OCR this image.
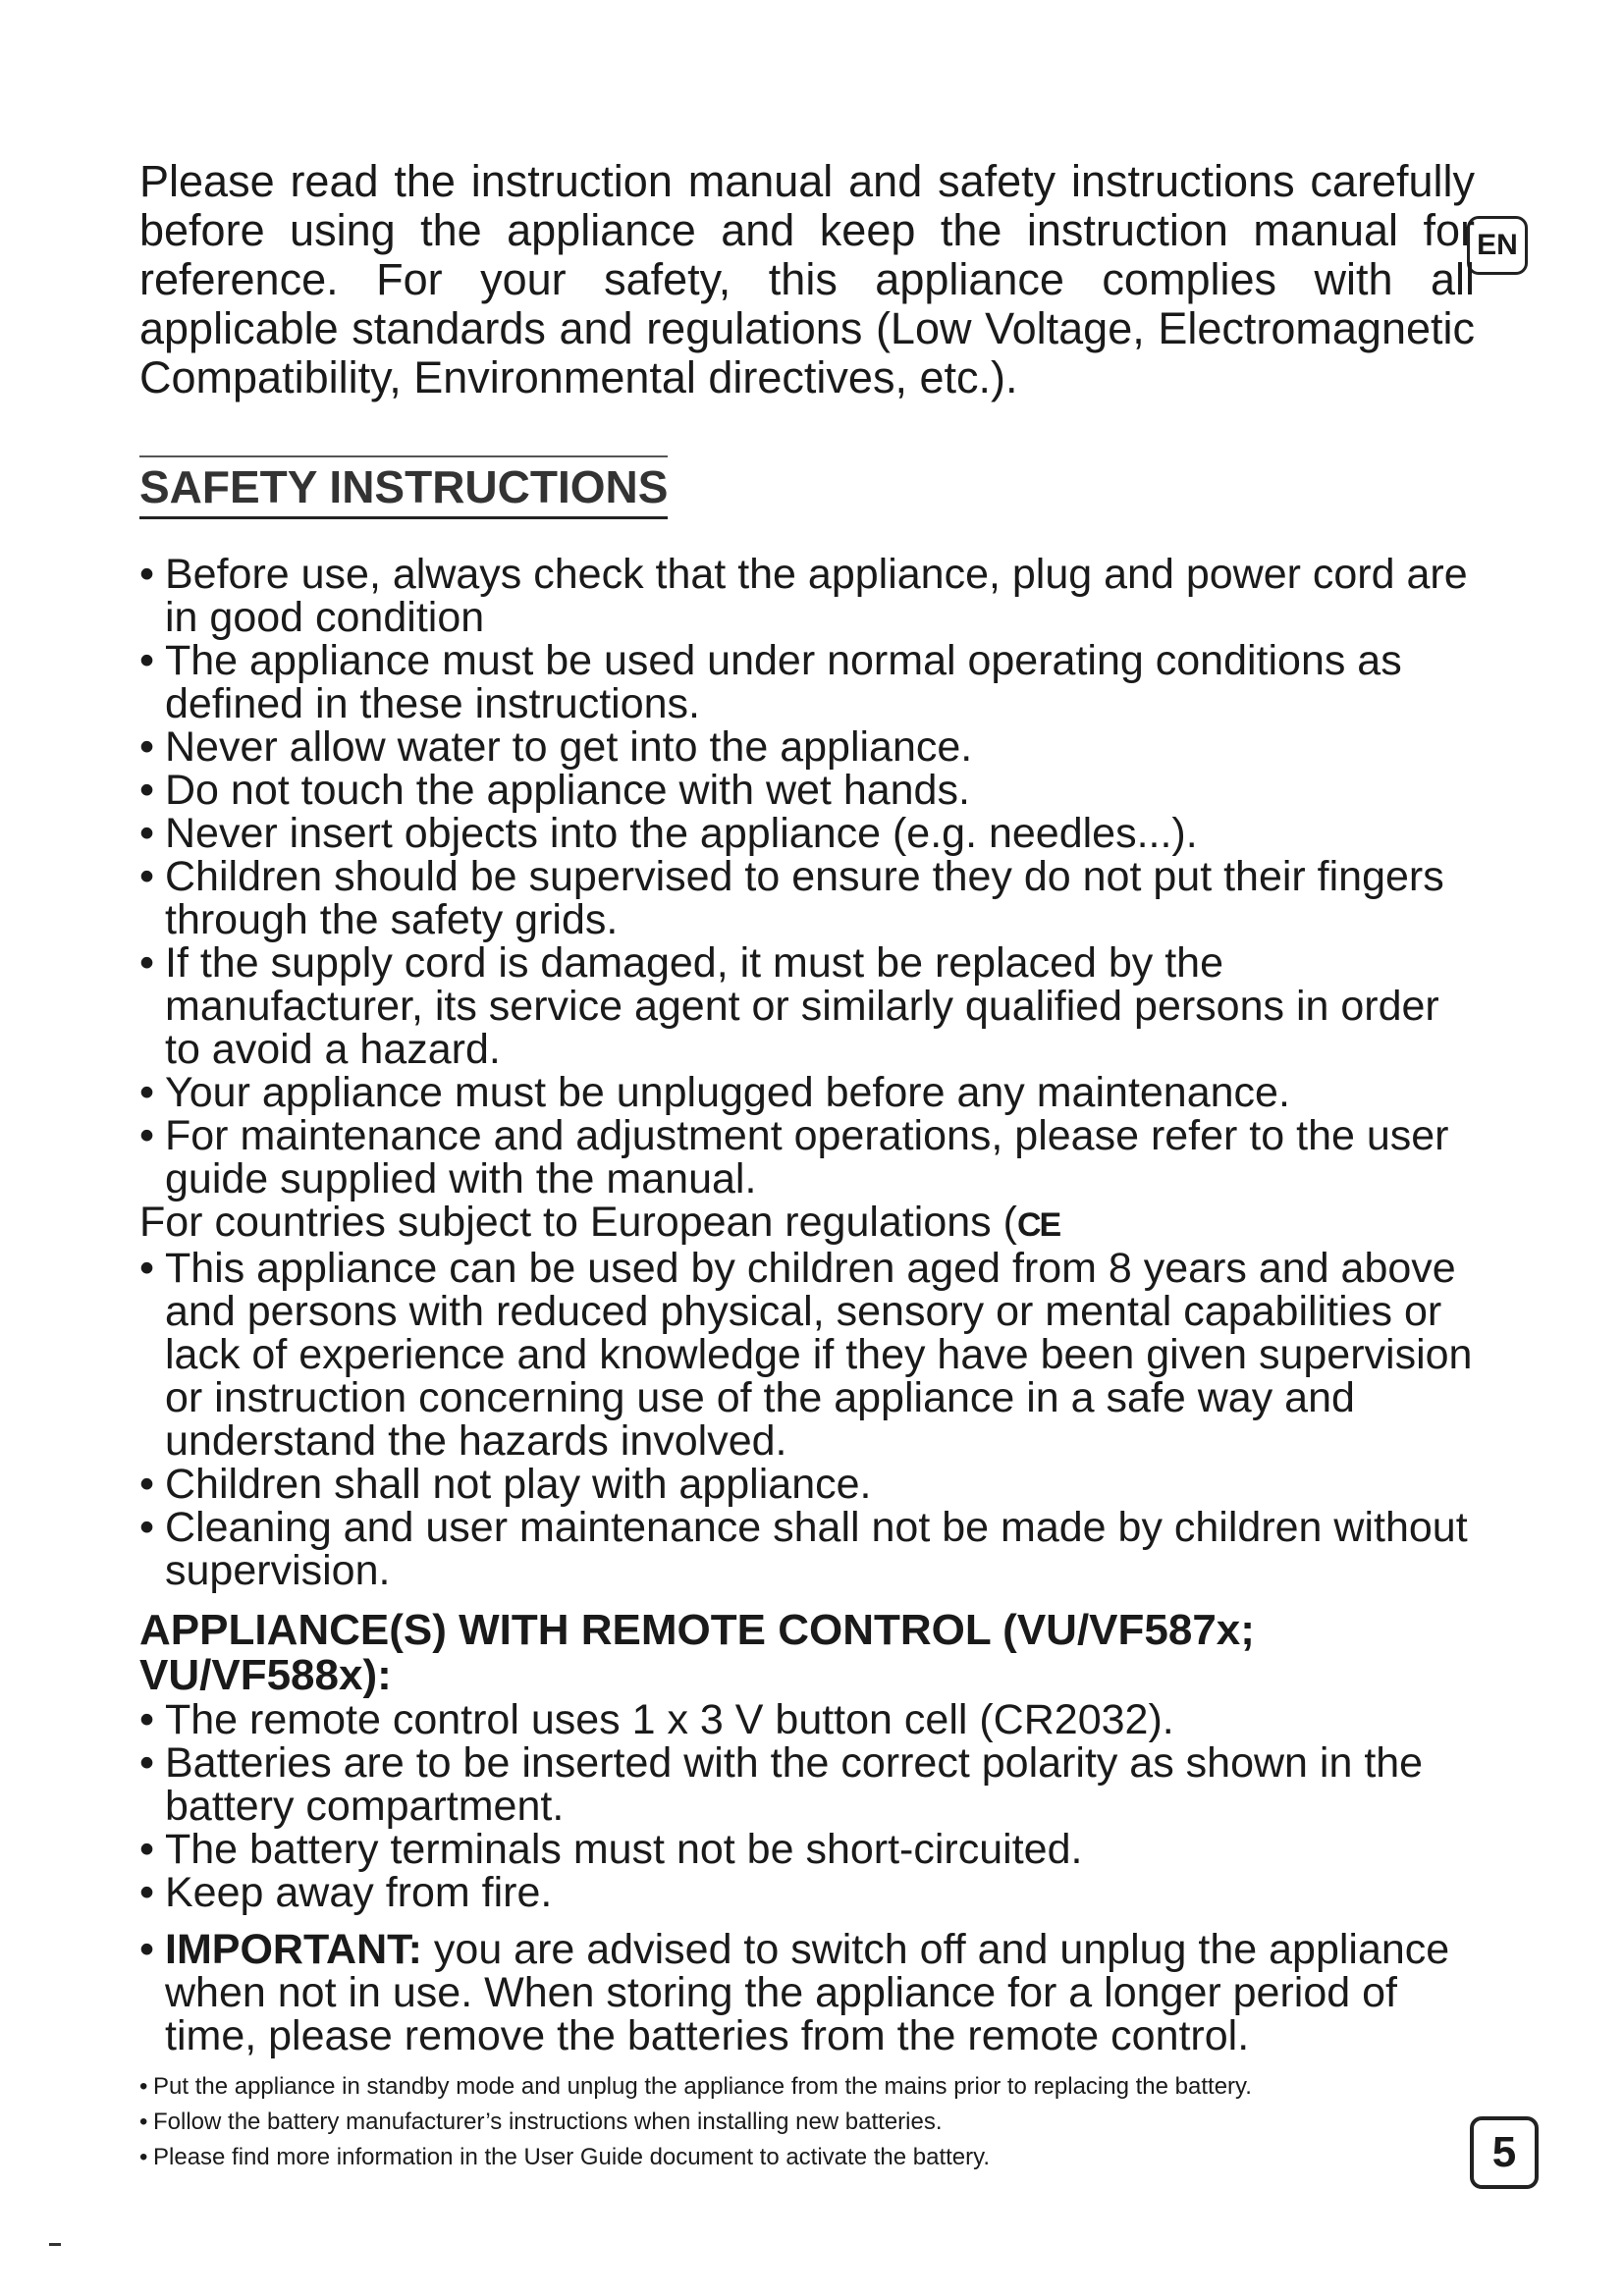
EN

Please read the instruction manual and safety instructions carefully before using the appliance and keep the instruction manual for reference. For your safety, this appliance complies with all applicable standards and regulations (Low Voltage, Electromagnetic Compatibility, Environmental directives, etc.).

SAFETY INSTRUCTIONS
• Before use, always check that the appliance, plug and power cord are in good condition
• The appliance must be used under normal operating conditions as defined in these instructions.
• Never allow water to get into the appliance.
• Do not touch the appliance with wet hands.
• Never insert objects into the appliance (e.g. needles...).
• Children should be supervised to ensure they do not put their fingers through the safety grids.
• If the supply cord is damaged, it must be replaced by the manufacturer, its service agent or similarly qualified persons in order to avoid a hazard.
• Your appliance must be unplugged before any maintenance.
• For maintenance and adjustment operations, please refer to the user guide supplied with the manual.

For countries subject to European regulations (CE

• This appliance can be used by children aged from 8 years and above and persons with reduced physical, sensory or mental capabilities or lack of experience and knowledge if they have been given supervision or instruction concerning use of the appliance in a safe way and understand the hazards involved.
• Children shall not play with appliance.
• Cleaning and user maintenance shall not be made by children without supervision.

APPLIANCE(S) WITH REMOTE CONTROL (VU/VF587x; VU/VF588x):

• The remote control uses 1 x 3 V button cell (CR2032).
• Batteries are to be inserted with the correct polarity as shown in the battery compartment.
• The battery terminals must not be short-circuited.
• Keep away from fire.
• IMPORTANT: you are advised to switch off and unplug the appliance when not in use. When storing the appliance for a longer period of time, please remove the batteries from the remote control.
• Put the appliance in standby mode and unplug the appliance from the mains prior to replacing the battery.
• Follow the battery manufacturer’s instructions when installing new batteries.
• Please find more information in the User Guide document to activate the battery.	5
